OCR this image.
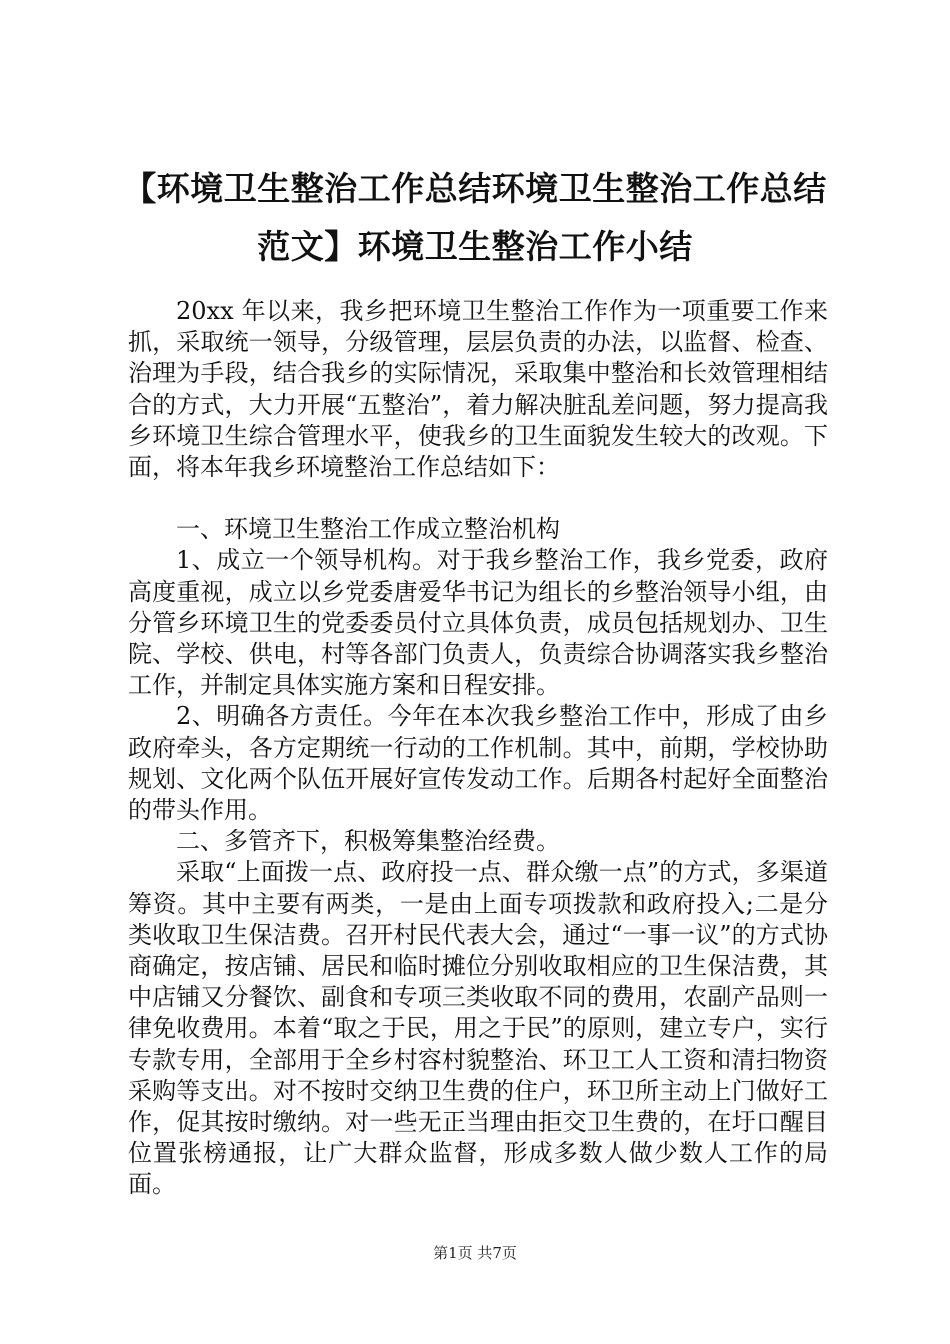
【环境卫生整治工作总结环境卫生整治工作总结范文】环境卫生整治工作小结

20xx 年以来，我乡把环境卫生整治工作作为一项重要工作来抓，采取统一领导，分级管理，层层负责的办法，以监督、检查、治理为手段，结合我乡的实际情况，采取集中整治和长效管理相结合的方式，大力开展“五整治”，着力解决脏乱差问题，努力提高我乡环境卫生综合管理水平，使我乡的卫生面貌发生较大的改观。下面，将本年我乡环境整治工作总结如下：

一、环境卫生整治工作成立整治机构

1、成立一个领导机构。对于我乡整治工作，我乡党委，政府高度重视，成立以乡党委唐爱华书记为组长的乡整治领导小组，由分管乡环境卫生的党委委员付立具体负责，成员包括规划办、卫生院、学校、供电，村等各部门负责人，负责综合协调落实我乡整治工作，并制定具体实施方案和日程安排。

2、明确各方责任。今年在本次我乡整治工作中，形成了由乡政府牵头，各方定期统一行动的工作机制。其中，前期，学校协助规划、文化两个队伍开展好宣传发动工作。后期各村起好全面整治的带头作用。

二、多管齐下，积极筹集整治经费。

采取“上面拨一点、政府投一点、群众缴一点”的方式，多渠道筹资。其中主要有两类，一是由上面专项拨款和政府投入;二是分类收取卫生保洁费。召开村民代表大会，通过“一事一议”的方式协商确定，按店铺、居民和临时摊位分别收取相应的卫生保洁费，其中店铺又分餐饮、副食和专项三类收取不同的费用，农副产品则一律免收费用。本着“取之于民，用之于民”的原则，建立专户，实行专款专用，全部用于全乡村容村貌整治、环卫工人工资和清扫物资采购等支出。对不按时交纳卫生费的住户，环卫所主动上门做好工作，促其按时缴纳。对一些无正当理由拒交卫生费的，在圩口醒目位置张榜通报，让广大群众监督，形成多数人做少数人工作的局面。

第1页 共7页
